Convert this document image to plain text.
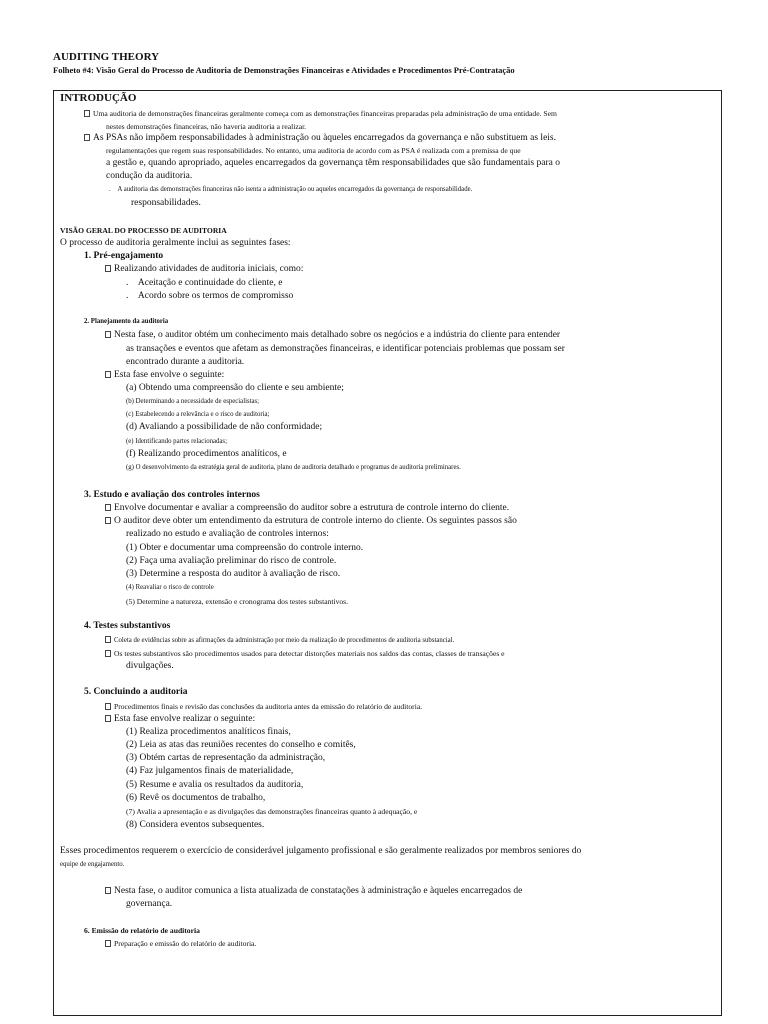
AUDITING THEORY
Folheto #4: Visão Geral do Processo de Auditoria de Demonstrações Financeiras e Atividades e Procedimentos Pré-Contratação
INTRODUÇÃO
Uma auditoria de demonstrações financeiras geralmente começa com as demonstrações financeiras preparadas pela administração de uma entidade. Sem
nestes demonstrações financeiras, não haveria auditoria a realizar.
As PSAs não impõem responsabilidades à administração ou àqueles encarregados da governança e não substituem as leis.
regulamentações que regem suas responsabilidades. No entanto, uma auditoria de acordo com as PSA é realizada com a premissa de que
a gestão e, quando apropriado, aqueles encarregados da governança têm responsabilidades que são fundamentais para o
condução da auditoria.
.    A auditoria das demonstrações financeiras não isenta a administração ou aqueles encarregados da governança de responsabilidade.
responsabilidades.
VISÃO GERAL DO PROCESSO DE AUDITORIA
O processo de auditoria geralmente inclui as seguintes fases:
1. Pré-engajamento
Realizando atividades de auditoria iniciais, como:
.    Aceitação e continuidade do cliente, e
.    Acordo sobre os termos de compromisso
2. Planejamento da auditoria
Nesta fase, o auditor obtém um conhecimento mais detalhado sobre os negócios e a indústria do cliente para entender
as transações e eventos que afetam as demonstrações financeiras, e identificar potenciais problemas que possam ser
encontrado durante a auditoria.
Esta fase envolve o seguinte:
(a) Obtendo uma compreensão do cliente e seu ambiente;
(b) Determinando a necessidade de especialistas;
(c) Estabelecendo a relevância e o risco de auditoria;
(d) Avaliando a possibilidade de não conformidade;
(e) Identificando partes relacionadas;
(f) Realizando procedimentos analíticos, e
(g) O desenvolvimento da estratégia geral de auditoria, plano de auditoria detalhado e programas de auditoria preliminares.
3. Estudo e avaliação dos controles internos
Envolve documentar e avaliar a compreensão do auditor sobre a estrutura de controle interno do cliente.
O auditor deve obter um entendimento da estrutura de controle interno do cliente. Os seguintes passos são
realizado no estudo e avaliação de controles internos:
(1) Obter e documentar uma compreensão do controle interno.
(2) Faça uma avaliação preliminar do risco de controle.
(3) Determine a resposta do auditor à avaliação de risco.
(4) Reavaliar o risco de controle
(5) Determine a natureza, extensão e cronograma dos testes substantivos.
4. Testes substantivos
Coleta de evidências sobre as afirmações da administração por meio da realização de procedimentos de auditoria substancial.
Os testes substantivos são procedimentos usados para detectar distorções materiais nos saldos das contas, classes de transações e
divulgações.
5. Concluindo a auditoria
Procedimentos finais e revisão das conclusões da auditoria antes da emissão do relatório de auditoria.
Esta fase envolve realizar o seguinte:
(1) Realiza procedimentos analíticos finais,
(2) Leia as atas das reuniões recentes do conselho e comitês,
(3) Obtém cartas de representação da administração,
(4) Faz julgamentos finais de materialidade,
(5) Resume e avalia os resultados da auditoria,
(6) Revê os documentos de trabalho,
(7) Avalia a apresentação e as divulgações das demonstrações financeiras quanto à adequação, e
(8) Considera eventos subsequentes.
Esses procedimentos requerem o exercício de considerável julgamento profissional e são geralmente realizados por membros seniores do
equipe de engajamento.
Nesta fase, o auditor comunica a lista atualizada de constatações à administração e àqueles encarregados de
governança.
6. Emissão do relatório de auditoria
Preparação e emissão do relatório de auditoria.
